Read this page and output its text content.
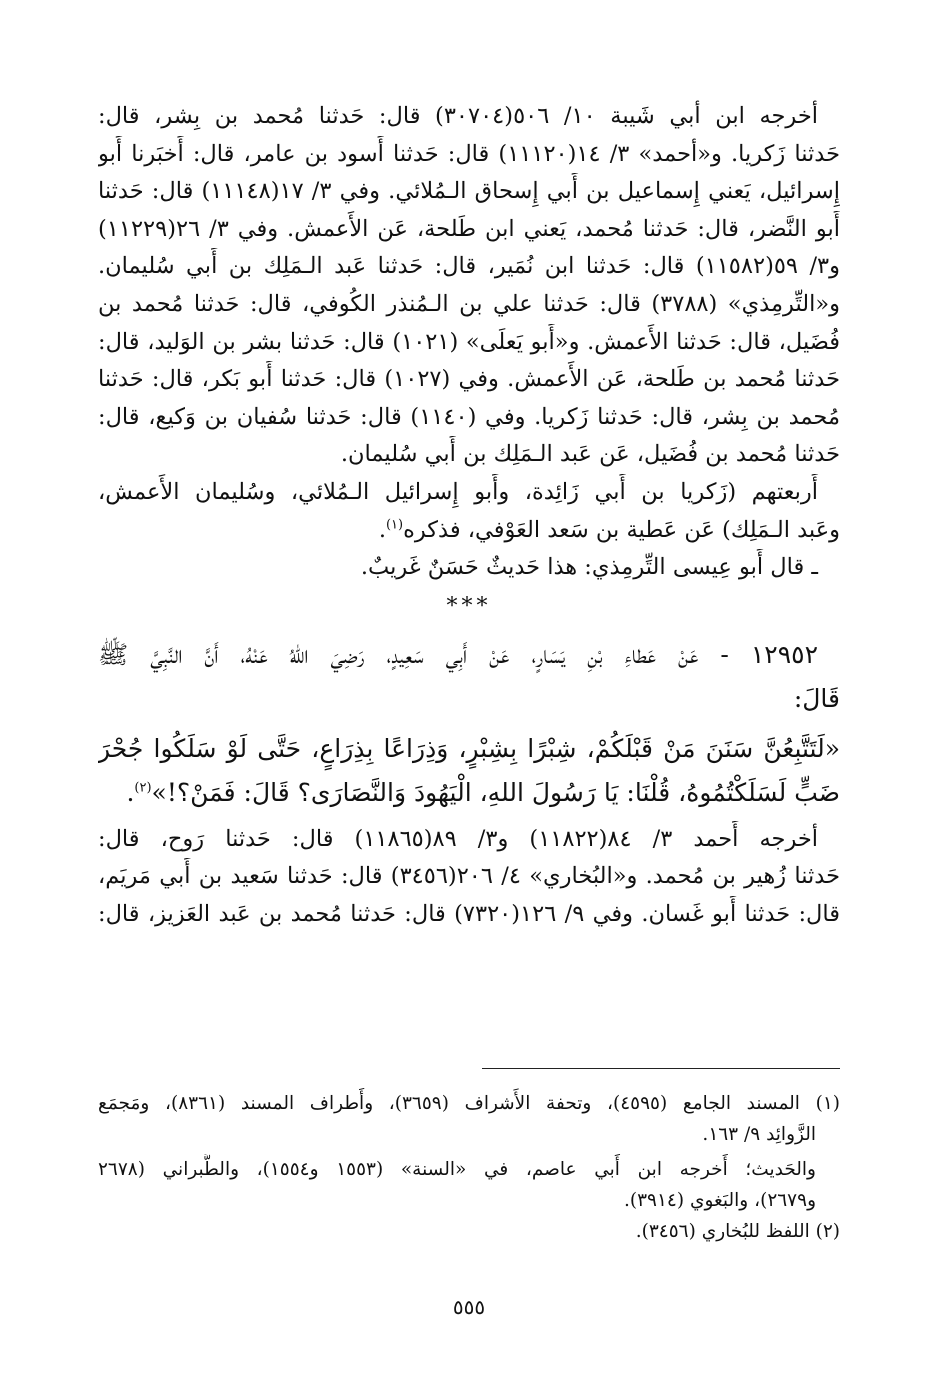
أخرجه ابن أبي شَيبة ١٠/ ٥٠٦(٣٠٧٠٤) قال: حَدثنا مُحمد بن بِشر، قال:
حَدثنا زَكريا. و«أحمد» ٣/ ١٤(١١١٢٠) قال: حَدثنا أَسود بن عامر، قال: أَخبَرنا أَبو
إِسرائيل، يَعني إِسماعيل بن أَبي إِسحاق الـمُلائي. وفي ٣/ ١٧(١١١٤٨) قال: حَدثنا
أَبو النَّضر، قال: حَدثنا مُحمد، يَعني ابن طَلحة، عَن الأَعمش. وفي ٣/ ٢٦(١١٢٢٩)
و٣/ ٥٩(١١٥٨٢) قال: حَدثنا ابن نُمَير، قال: حَدثنا عَبد الـمَلِك بن أَبي سُليمان.
و«التِّرمِذي» (٣٧٨٨) قال: حَدثنا علي بن الـمُنذر الكُوفي، قال: حَدثنا مُحمد بن
فُضَيل، قال: حَدثنا الأَعمش. و«أَبو يَعلَى» (١٠٢١) قال: حَدثنا بشر بن الوَليد، قال:
حَدثنا مُحمد بن طَلحة، عَن الأَعمش. وفي (١٠٢٧) قال: حَدثنا أَبو بَكر، قال: حَدثنا
مُحمد بن بِشر، قال: حَدثنا زَكريا. وفي (١١٤٠) قال: حَدثنا سُفيان بن وَكيع، قال:
حَدثنا مُحمد بن فُضَيل، عَن عَبد الـمَلِك بن أَبي سُليمان.

أَربعتهم (زَكريا بن أَبي زَائِدة، وأَبو إِسرائيل الـمُلائي، وسُليمان الأَعمش،
وعَبد الـمَلِك) عَن عَطية بن سَعد العَوْفي، فذكره$^{(١)}$.

ـ قال أَبو عِيسى التِّرمِذي: هذا حَديثٌ حَسَنٌ غَريبٌ.

***
١٢٩٥٢ - عَنْ عَطاءِ بْنِ يَسَارٍ، عَنْ أَبِي سَعِيدٍ، رَضِيَ اللهُ عَنْهُ، أَنَّ النَّبِيَّ ﷺ
قَالَ:
«لَتَتَّبِعُنَّ سَنَنَ مَنْ قَبْلَكُمْ، شِبْرًا بِشِبْرٍ، وَذِرَاعًا بِذِرَاعٍ، حَتَّى لَوْ سَلَكُوا جُحْرَ
ضَبٍّ لَسَلَكْتُمُوهُ، قُلْنَا: يَا رَسُولَ اللهِ، الْيَهُودَ وَالنَّصَارَى؟ قَالَ: فَمَنْ؟!»$^{(٢)}$.

أخرجه أَحمد ٣/ ٨٤(١١٨٢٢) و٣/ ٨٩(١١٨٦٥) قال: حَدثنا رَوح، قال:
حَدثنا زُهير بن مُحمد. و«البُخاري» ٤/ ٢٠٦(٣٤٥٦) قال: حَدثنا سَعيد بن أَبي مَريَم،
قال: حَدثنا أَبو غَسان. وفي ٩/ ١٢٦(٧٣٢٠) قال: حَدثنا مُحمد بن عَبد العَزيز، قال:

(١) المسند الجامع (٤٥٩٥)، وتحفة الأَشراف (٣٦٥٩)، وأَطراف المسند (٨٣٦١)، ومَجمَع
الزَّوائِد ٩/ ١٦٣.

والحَديث؛ أَخرجه ابن أَبي عاصم، في «السنة» (١٥٥٣ و١٥٥٤)، والطَّبراني (٢٦٧٨
و٢٦٧٩)، والبَغوي (٣٩١٤).

(٢) اللفظ للبُخاري (٣٤٥٦).

٥٥٥
